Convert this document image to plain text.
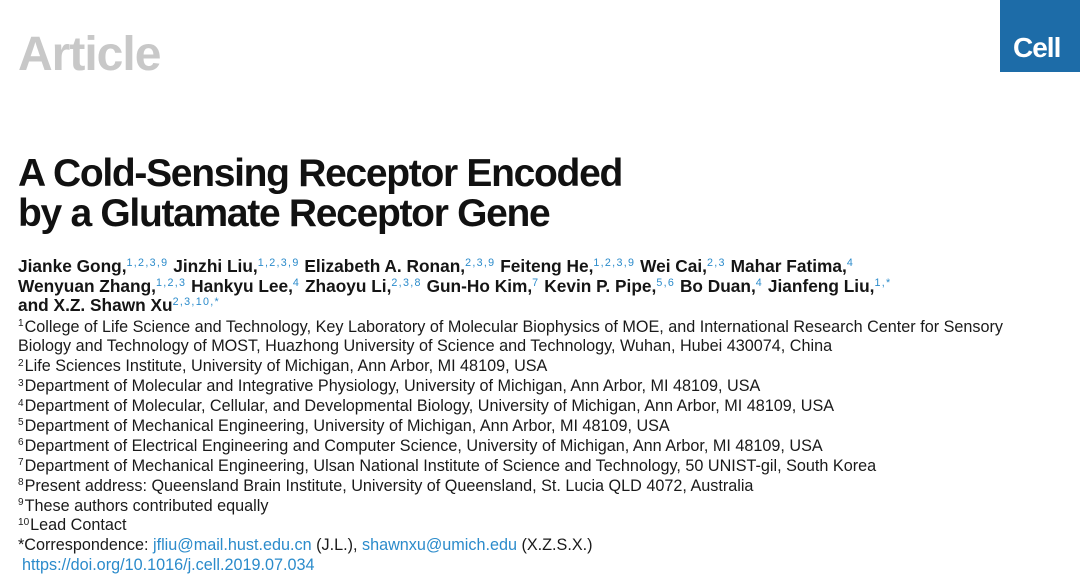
Article	Cell
A Cold-Sensing Receptor Encoded
by a Glutamate Receptor Gene
Jianke Gong,$^{1,2,3,9}$ Jinzhi Liu,$^{1,2,3,9}$ Elizabeth A. Ronan,$^{2,3,9}$ Feiteng He,$^{1,2,3,9}$ Wei Cai,$^{2,3}$ Mahar Fatima,$^4$
Wenyuan Zhang,$^{1,2,3}$ Hankyu Lee,$^4$ Zhaoyu Li,$^{2,3,8}$ Gun-Ho Kim,$^7$ Kevin P. Pipe,$^{5,6}$ Bo Duan,$^4$ Jianfeng Liu,$^{1,*}$
and X.Z. Shawn $Xu^{2,3,10,*}$
$^1$College of Life Science and Technology, Key Laboratory of Molecular Biophysics of MOE, and International Research Center for Sensory
Biology and Technology of MOST, Huazhong University of Science and Technology, Wuhan, Hubei 430074, China
$^2$Life Sciences Institute, University of Michigan, Ann Arbor, MI 48109, USA
$^3$Department of Molecular and Integrative Physiology, University of Michigan, Ann Arbor, MI 48109, USA
$^4$Department of Molecular, Cellular, and Developmental Biology, University of Michigan, Ann Arbor, MI 48109, USA
$^5$Department of Mechanical Engineering, University of Michigan, Ann Arbor, MI 48109, USA
$^6$Department of Electrical Engineering and Computer Science, University of Michigan, Ann Arbor, MI 48109, USA
$^7$Department of Mechanical Engineering, Ulsan National Institute of Science and Technology, 50 UNIST-gil, South Korea
$^8$Present address: Queensland Brain Institute, University of Queensland, St. Lucia QLD 4072, Australia
$^9$These authors contributed equally
$^{10}$Lead Contact
*Correspondence: jfliu@mail.hust.edu.cn (J.L.), shawnxu@umich.edu (X.Z.S.X.)
https://doi.org/10.1016/j.cell.2019.07.034
